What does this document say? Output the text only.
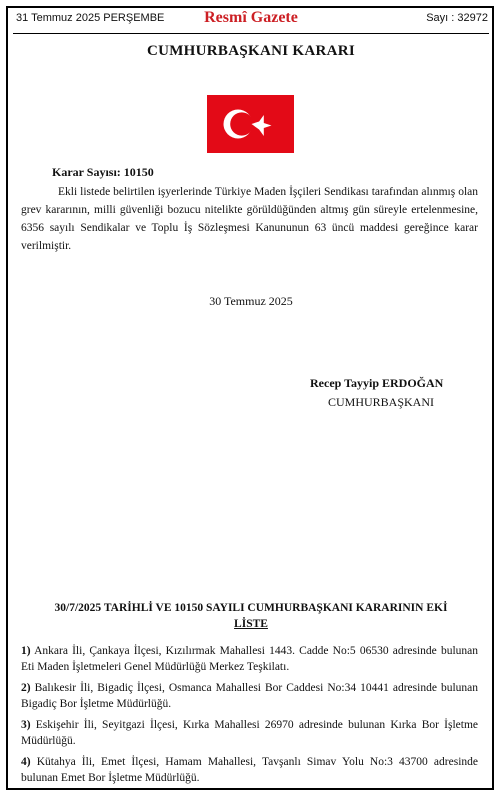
31 Temmuz 2025 PERŞEMBE	Resmî Gazete	Sayı : 32972
CUMHURBAŞKANI KARARI
Karar Sayısı: 10150

Ekli listede belirtilen işyerlerinde Türkiye Maden İşçileri Sendikası tarafından alınmış olan grev kararının, milli güvenliği bozucu nitelikte görüldüğünden altmış gün süreyle ertelenmesine, 6356 sayılı Sendikalar ve Toplu İş Sözleşmesi Kanununun 63 üncü maddesi gereğince karar verilmiştir.

30 Temmuz 2025
Recep Tayyip ERDOĞAN
CUMHURBAŞKANI
30/7/2025 TARİHLİ VE 10150 SAYILI CUMHURBAŞKANI KARARININ EKİ
LİSTE
1) Ankara İli, Çankaya İlçesi, Kızılırmak Mahallesi 1443. Cadde No:5 06530 adresinde bulunan Eti Maden İşletmeleri Genel Müdürlüğü Merkez Teşkilatı.
2) Balıkesir İli, Bigadiç İlçesi, Osmanca Mahallesi Bor Caddesi No:34 10441 adresinde bulunan Bigadiç Bor İşletme Müdürlüğü.
3) Eskişehir İli, Seyitgazi İlçesi, Kırka Mahallesi 26970 adresinde bulunan Kırka Bor İşletme Müdürlüğü.
4) Kütahya İli, Emet İlçesi, Hamam Mahallesi, Tavşanlı Simav Yolu No:3 43700 adresinde bulunan Emet Bor İşletme Müdürlüğü.
